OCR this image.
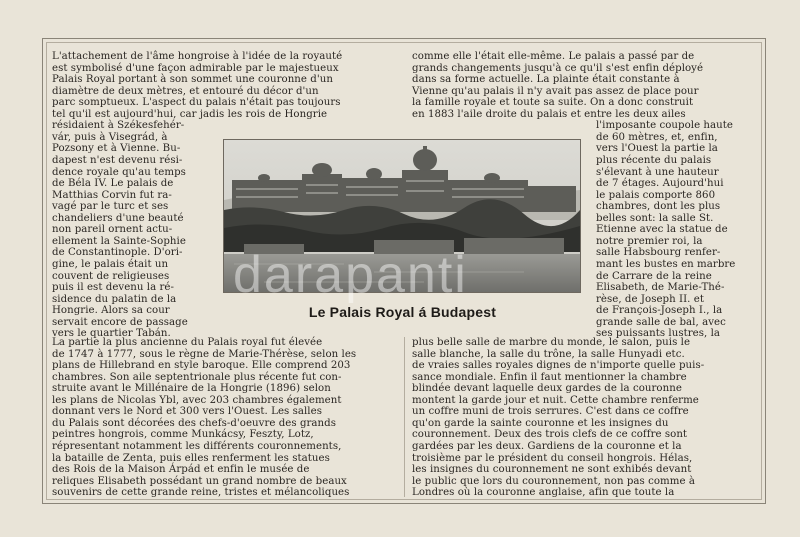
L'attachement de l'âme hongroise à l'idée de la royauté
est symbolisé d'une façon admirable par le majestueux
Palais Royal portant à son sommet une couronne d'un
diamètre de deux mètres, et entouré du décor d'un
parc somptueux. L'aspect du palais n'était pas toujours
tel qu'il est aujourd'hui, car jadis les rois de Hongrie
comme elle l'était elle-même. Le palais a passé par de
grands changements jusqu'à ce qu'il s'est enfin déployé
dans sa forme actuelle. La plainte était constante à
Vienne qu'au palais il n'y avait pas assez de place pour
la famille royale et toute sa suite. On a donc construit
en 1883 l'aile droite du palais et entre les deux ailes
résidaient à Székesfehér-
vár, puis à Visegrád, à
Pozsony et à Vienne. Bu-
dapest n'est devenu rési-
dence royale qu'au temps
de Béla IV. Le palais de
Matthias Corvin fut ra-
vagé par le turc et ses
chandeliers d'une beauté
non pareil ornent actu-
ellement la Sainte-Sophie
de Constantinople. D'ori-
gine, le palais était un
couvent de religieuses
puis il est devenu la ré-
sidence du palatin de la
Hongrie. Alors sa cour
servait encore de passage
vers le quartier Tabán.
l'imposante coupole haute
de 60 mètres, et, enfin,
vers l'Ouest la partie la
plus récente du palais
s'élevant à une hauteur
de 7 étages. Aujourd'hui
le palais comporte 860
chambres, dont les plus
belles sont: la salle St.
Etienne avec la statue de
notre premier roi, la
salle Habsbourg renfer-
mant les bustes en marbre
de Carrare de la reine
Elisabeth, de Marie-Thé-
rèse, de Joseph II. et
de François-Joseph I., la
grande salle de bal, avec
ses puissants lustres, la
darapanti
Le Palais Royal á Budapest
La partie la plus ancienne du Palais royal fut élevée
de 1747 à 1777, sous le règne de Marie-Thérèse, selon les
plans de Hillebrand en style baroque. Elle comprend 203
chambres. Son aile septentrionale plus récente fut con-
struite avant le Millénaire de la Hongrie (1896) selon
les plans de Nicolas Ybl, avec 203 chambres également
donnant vers le Nord et 300 vers l'Ouest. Les salles
du Palais sont décorées des chefs-d'oeuvre des grands
peintres hongrois, comme Munkácsy, Feszty, Lotz,
répresentant notamment les différents couronnements,
la bataille de Zenta, puis elles renferment les statues
des Rois de la Maison Árpád et enfin le musée de
reliques Elisabeth possédant un grand nombre de beaux
souvenirs de cette grande reine, tristes et mélancoliques
plus belle salle de marbre du monde, le salon, puis le
salle blanche, la salle du trône, la salle Hunyadi etc.
de vraies salles royales dignes de n'importe quelle puis-
sance mondiale. Enfin il faut mentionner la chambre
blindée devant laquelle deux gardes de la couronne
montent la garde jour et nuit. Cette chambre renferme
un coffre muni de trois serrures. C'est dans ce coffre
qu'on garde la sainte couronne et les insignes du
couronnement. Deux des trois clefs de ce coffre sont
gardées par les deux. Gardiens de la couronne et la
troisième par le président du conseil hongrois. Hélas,
les insignes du couronnement ne sont exhibés devant
le public que lors du couronnement, non pas comme à
Londres où la couronne anglaise, afin que toute la
